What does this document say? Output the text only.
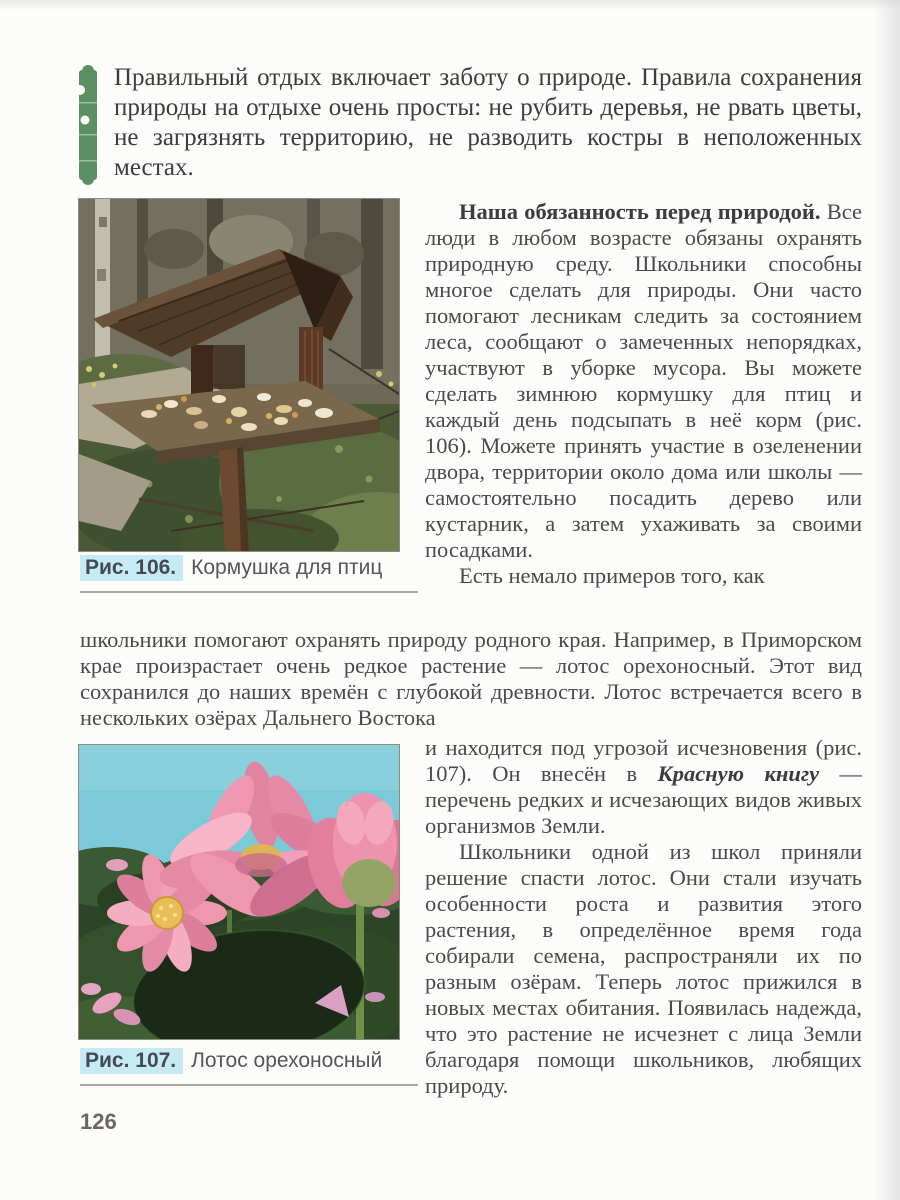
Правильный отдых включает заботу о природе. Правила сохранения природы на отдыхе очень просты: не рубить деревья, не рвать цветы, не загрязнять территорию, не разводить костры в неположенных местах.
Рис. 106. Кормушка для птиц

Наша обязанность перед природой. Все люди в любом возрасте обязаны охранять природную среду. Школьники способны многое сделать для природы. Они часто помогают лесникам следить за состоянием леса, сообщают о замеченных непорядках, участвуют в уборке мусора. Вы можете сделать зимнюю кормушку для птиц и каждый день подсыпать в неё корм (рис. 106). Можете принять участие в озеленении двора, территории около дома или школы — самостоятельно посадить дерево или кустарник, а затем ухаживать за своими посадками.

Есть немало примеров того, как

школьники помогают охранять природу родного края. Например, в Приморском крае произрастает очень редкое растение — лотос орехоносный. Этот вид сохранился до наших времён с глубокой древности. Лотос встречается всего в нескольких озёрах Дальнего Востока

Рис. 107. Лотос орехоносный

и находится под угрозой исчезновения (рис. 107). Он внесён в Красную книгу — перечень редких и исчезающих видов живых организмов Земли.

Школьники одной из школ приняли решение спасти лотос. Они стали изучать особенности роста и развития этого растения, в определённое время года собирали семена, распространяли их по разным озёрам. Теперь лотос прижился в новых местах обитания. Появилась надежда, что это растение не исчезнет с лица Земли благодаря помощи школьников, любящих природу.

126
